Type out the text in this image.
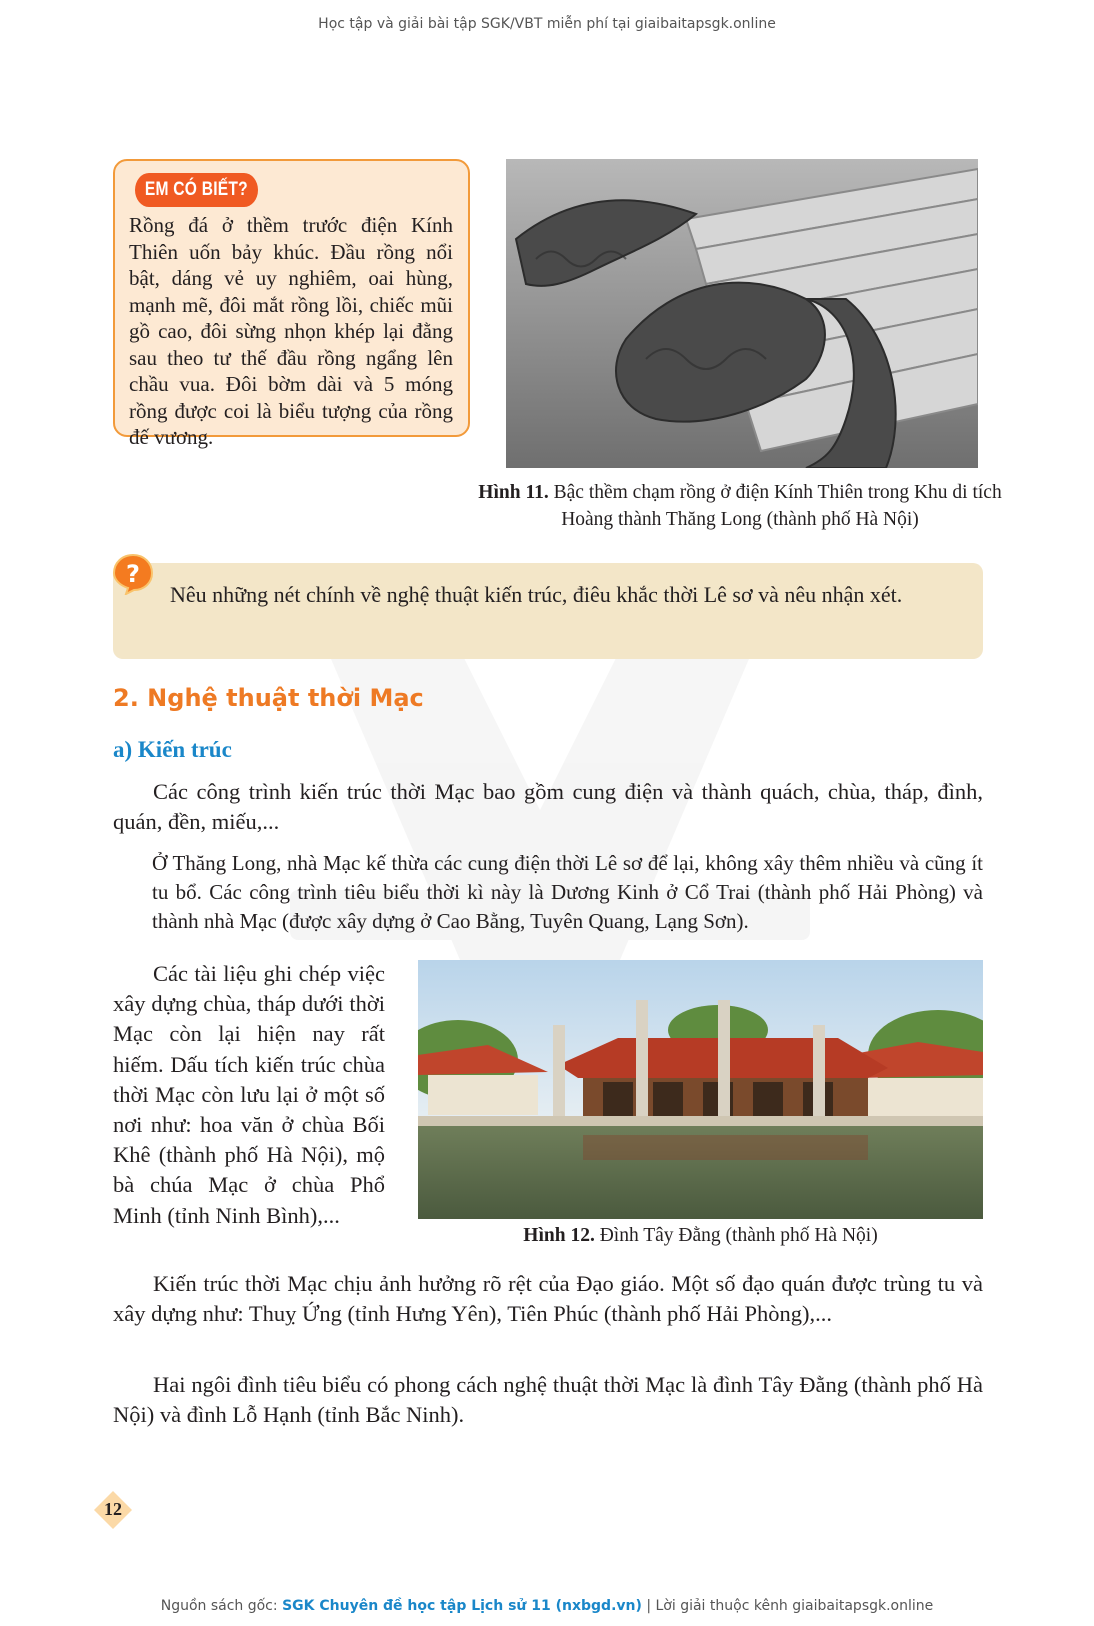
Học tập và giải bài tập SGK/VBT miễn phí tại giaibaitapsgk.online
EM CÓ BIẾT?
Rồng đá ở thềm trước điện Kính Thiên uốn bảy khúc. Đầu rồng nổi bật, dáng vẻ uy nghiêm, oai hùng, mạnh mẽ, đôi mắt rồng lồi, chiếc mũi gồ cao, đôi sừng nhọn khép lại đằng sau theo tư thế đầu rồng ngẩng lên chầu vua. Đôi bờm dài và 5 móng rồng được coi là biểu tượng của rồng đế vương.
Hình 11. Bậc thềm chạm rồng ở điện Kính Thiên trong Khu di tích Hoàng thành Thăng Long (thành phố Hà Nội)
?
Nêu những nét chính về nghệ thuật kiến trúc, điêu khắc thời Lê sơ và nêu nhận xét.
2. Nghệ thuật thời Mạc
a) Kiến trúc
Các công trình kiến trúc thời Mạc bao gồm cung điện và thành quách, chùa, tháp, đình, quán, đền, miếu,...
Ở Thăng Long, nhà Mạc kế thừa các cung điện thời Lê sơ để lại, không xây thêm nhiều và cũng ít tu bổ. Các công trình tiêu biểu thời kì này là Dương Kinh ở Cổ Trai (thành phố Hải Phòng) và thành nhà Mạc (được xây dựng ở Cao Bằng, Tuyên Quang, Lạng Sơn).
Các tài liệu ghi chép việc xây dựng chùa, tháp dưới thời Mạc còn lại hiện nay rất hiếm. Dấu tích kiến trúc chùa thời Mạc còn lưu lại ở một số nơi như: hoa văn ở chùa Bối Khê (thành phố Hà Nội), mộ bà chúa Mạc ở chùa Phổ Minh (tỉnh Ninh Bình),...
Hình 12. Đình Tây Đằng (thành phố Hà Nội)
Kiến trúc thời Mạc chịu ảnh hưởng rõ rệt của Đạo giáo. Một số đạo quán được trùng tu và xây dựng như: Thuỵ Ứng (tỉnh Hưng Yên), Tiên Phúc (thành phố Hải Phòng),...
Hai ngôi đình tiêu biểu có phong cách nghệ thuật thời Mạc là đình Tây Đằng (thành phố Hà Nội) và đình Lỗ Hạnh (tỉnh Bắc Ninh).
12
Nguồn sách gốc: SGK Chuyên đề học tập Lịch sử 11 (nxbgd.vn) | Lời giải thuộc kênh giaibaitapsgk.online
